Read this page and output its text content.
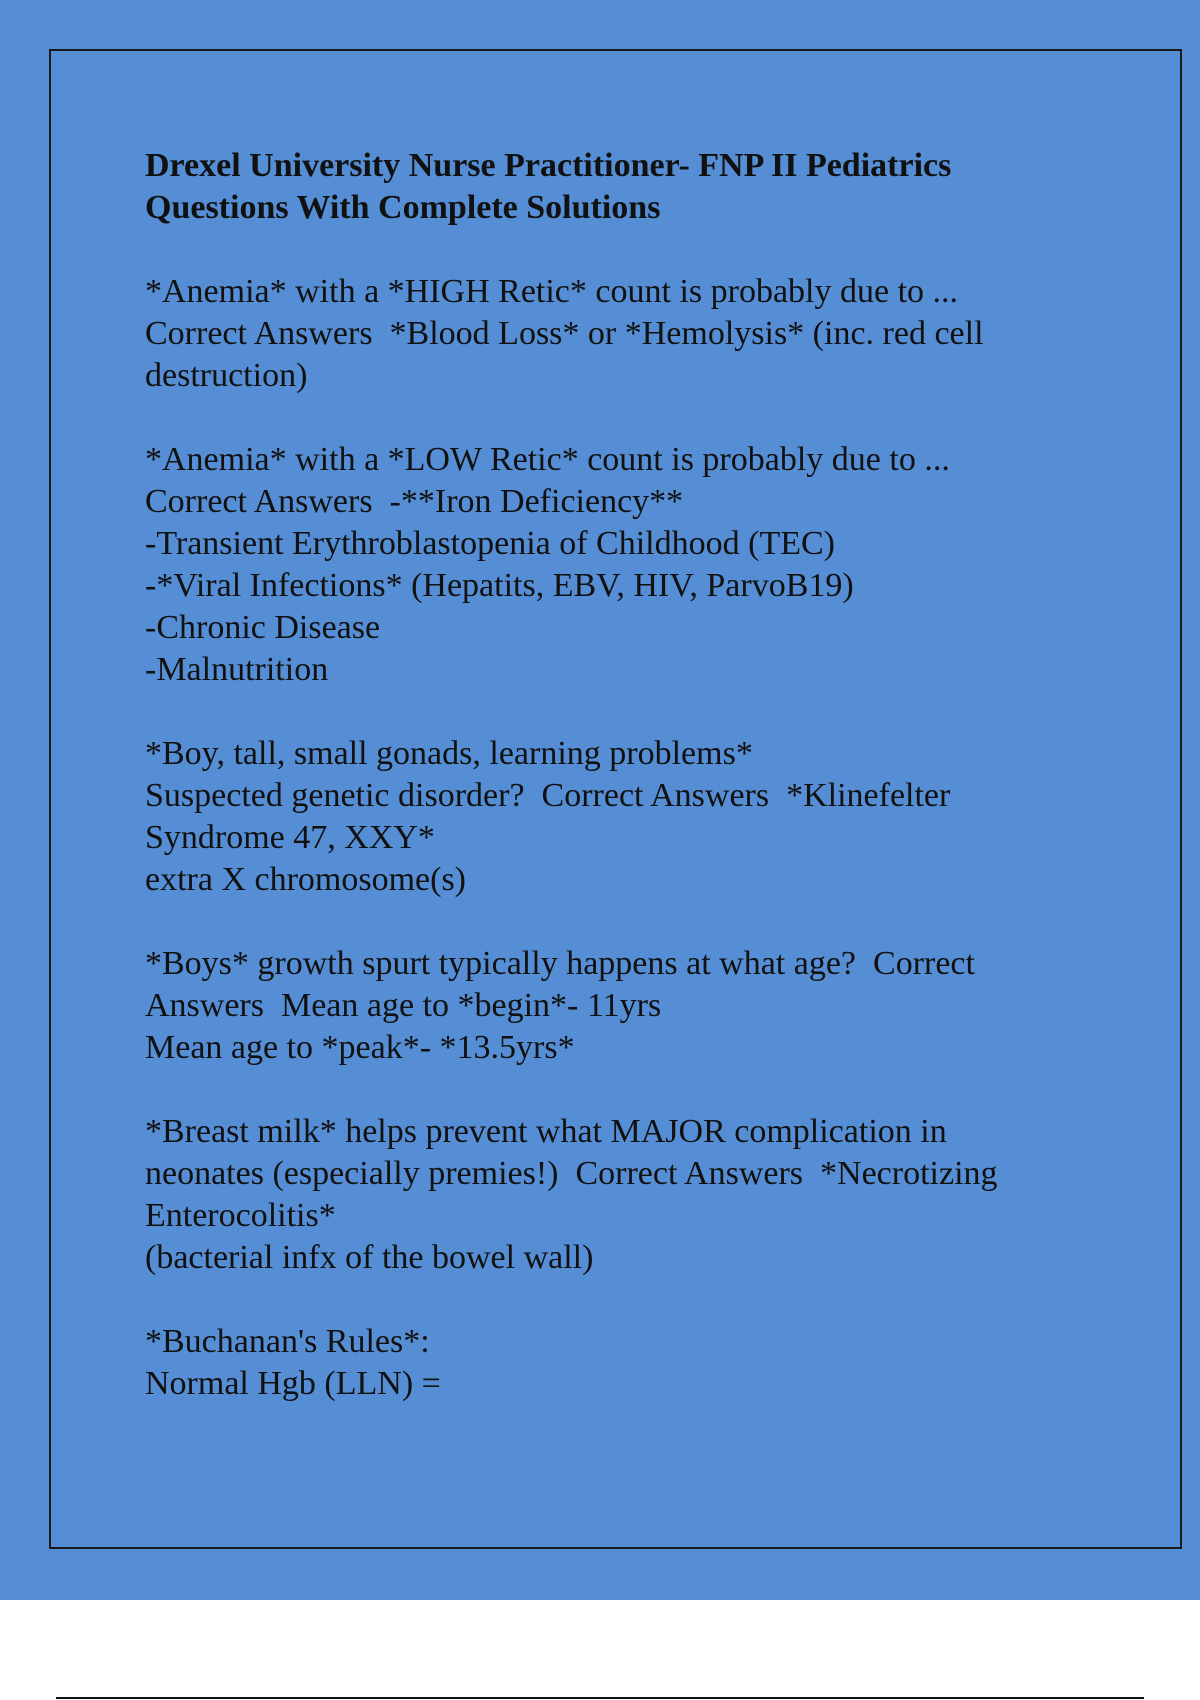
Drexel University Nurse Practitioner- FNP II Pediatrics
Questions With Complete Solutions
*Anemia* with a *HIGH Retic* count is probably due to ...
Correct Answers  *Blood Loss* or *Hemolysis* (inc. red cell
destruction)
*Anemia* with a *LOW Retic* count is probably due to ...
Correct Answers  -**Iron Deficiency**
-Transient Erythroblastopenia of Childhood (TEC)
-*Viral Infections* (Hepatits, EBV, HIV, ParvoB19)
-Chronic Disease
-Malnutrition
*Boy, tall, small gonads, learning problems*
Suspected genetic disorder?  Correct Answers  *Klinefelter
Syndrome 47, XXY*
extra X chromosome(s)
*Boys* growth spurt typically happens at what age?  Correct
Answers  Mean age to *begin*- 11yrs
Mean age to *peak*- *13.5yrs*
*Breast milk* helps prevent what MAJOR complication in
neonates (especially premies!)  Correct Answers  *Necrotizing
Enterocolitis*
(bacterial infx of the bowel wall)
*Buchanan's Rules*:
Normal Hgb (LLN) =
